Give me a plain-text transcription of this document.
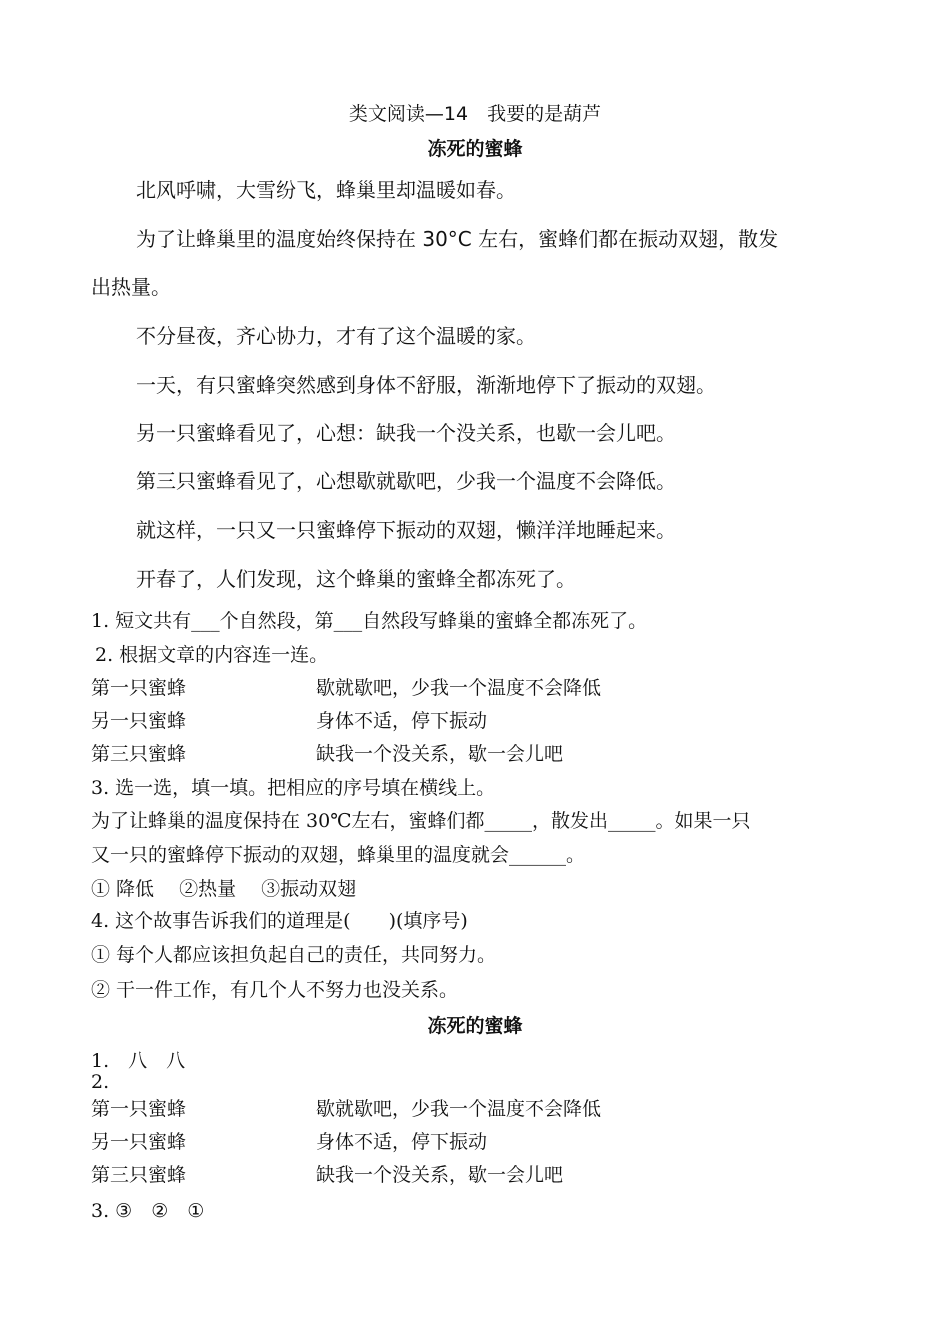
类文阅读—14　我要的是葫芦
冻死的蜜蜂
北风呼啸，大雪纷飞，蜂巢里却温暖如春。
为了让蜂巢里的温度始终保持在 30°C 左右，蜜蜂们都在振动双翅，散发
出热量。
不分昼夜，齐心协力，才有了这个温暖的家。
一天，有只蜜蜂突然感到身体不舒服，渐渐地停下了振动的双翅。
另一只蜜蜂看见了，心想：缺我一个没关系，也歇一会儿吧。
第三只蜜蜂看见了，心想歇就歇吧，少我一个温度不会降低。
就这样，一只又一只蜜蜂停下振动的双翅，懒洋洋地睡起来。
开春了，人们发现，这个蜂巢的蜜蜂全都冻死了。
1. 短文共有___个自然段，第___自然段写蜂巢的蜜蜂全都冻死了。
2. 根据文章的内容连一连。
第一只蜜蜂	歇就歇吧，少我一个温度不会降低
另一只蜜蜂	身体不适，停下振动
第三只蜜蜂	缺我一个没关系，歇一会儿吧
3. 选一选，填一填。把相应的序号填在横线上。
为了让蜂巢的温度保持在 30℃左右，蜜蜂们都_____，散发出_____。如果一只
又一只的蜜蜂停下振动的双翅，蜂巢里的温度就会______。
① 降低　 ②热量　 ③振动双翅
4. 这个故事告诉我们的道理是(　　)(填序号)
① 每个人都应该担负起自己的责任，共同努力。
② 干一件工作，有几个人不努力也没关系。
冻死的蜜蜂
1.　八　八
2.
第一只蜜蜂	歇就歇吧，少我一个温度不会降低
另一只蜜蜂	身体不适，停下振动
第三只蜜蜂	缺我一个没关系，歇一会儿吧
3. ③　②　①
